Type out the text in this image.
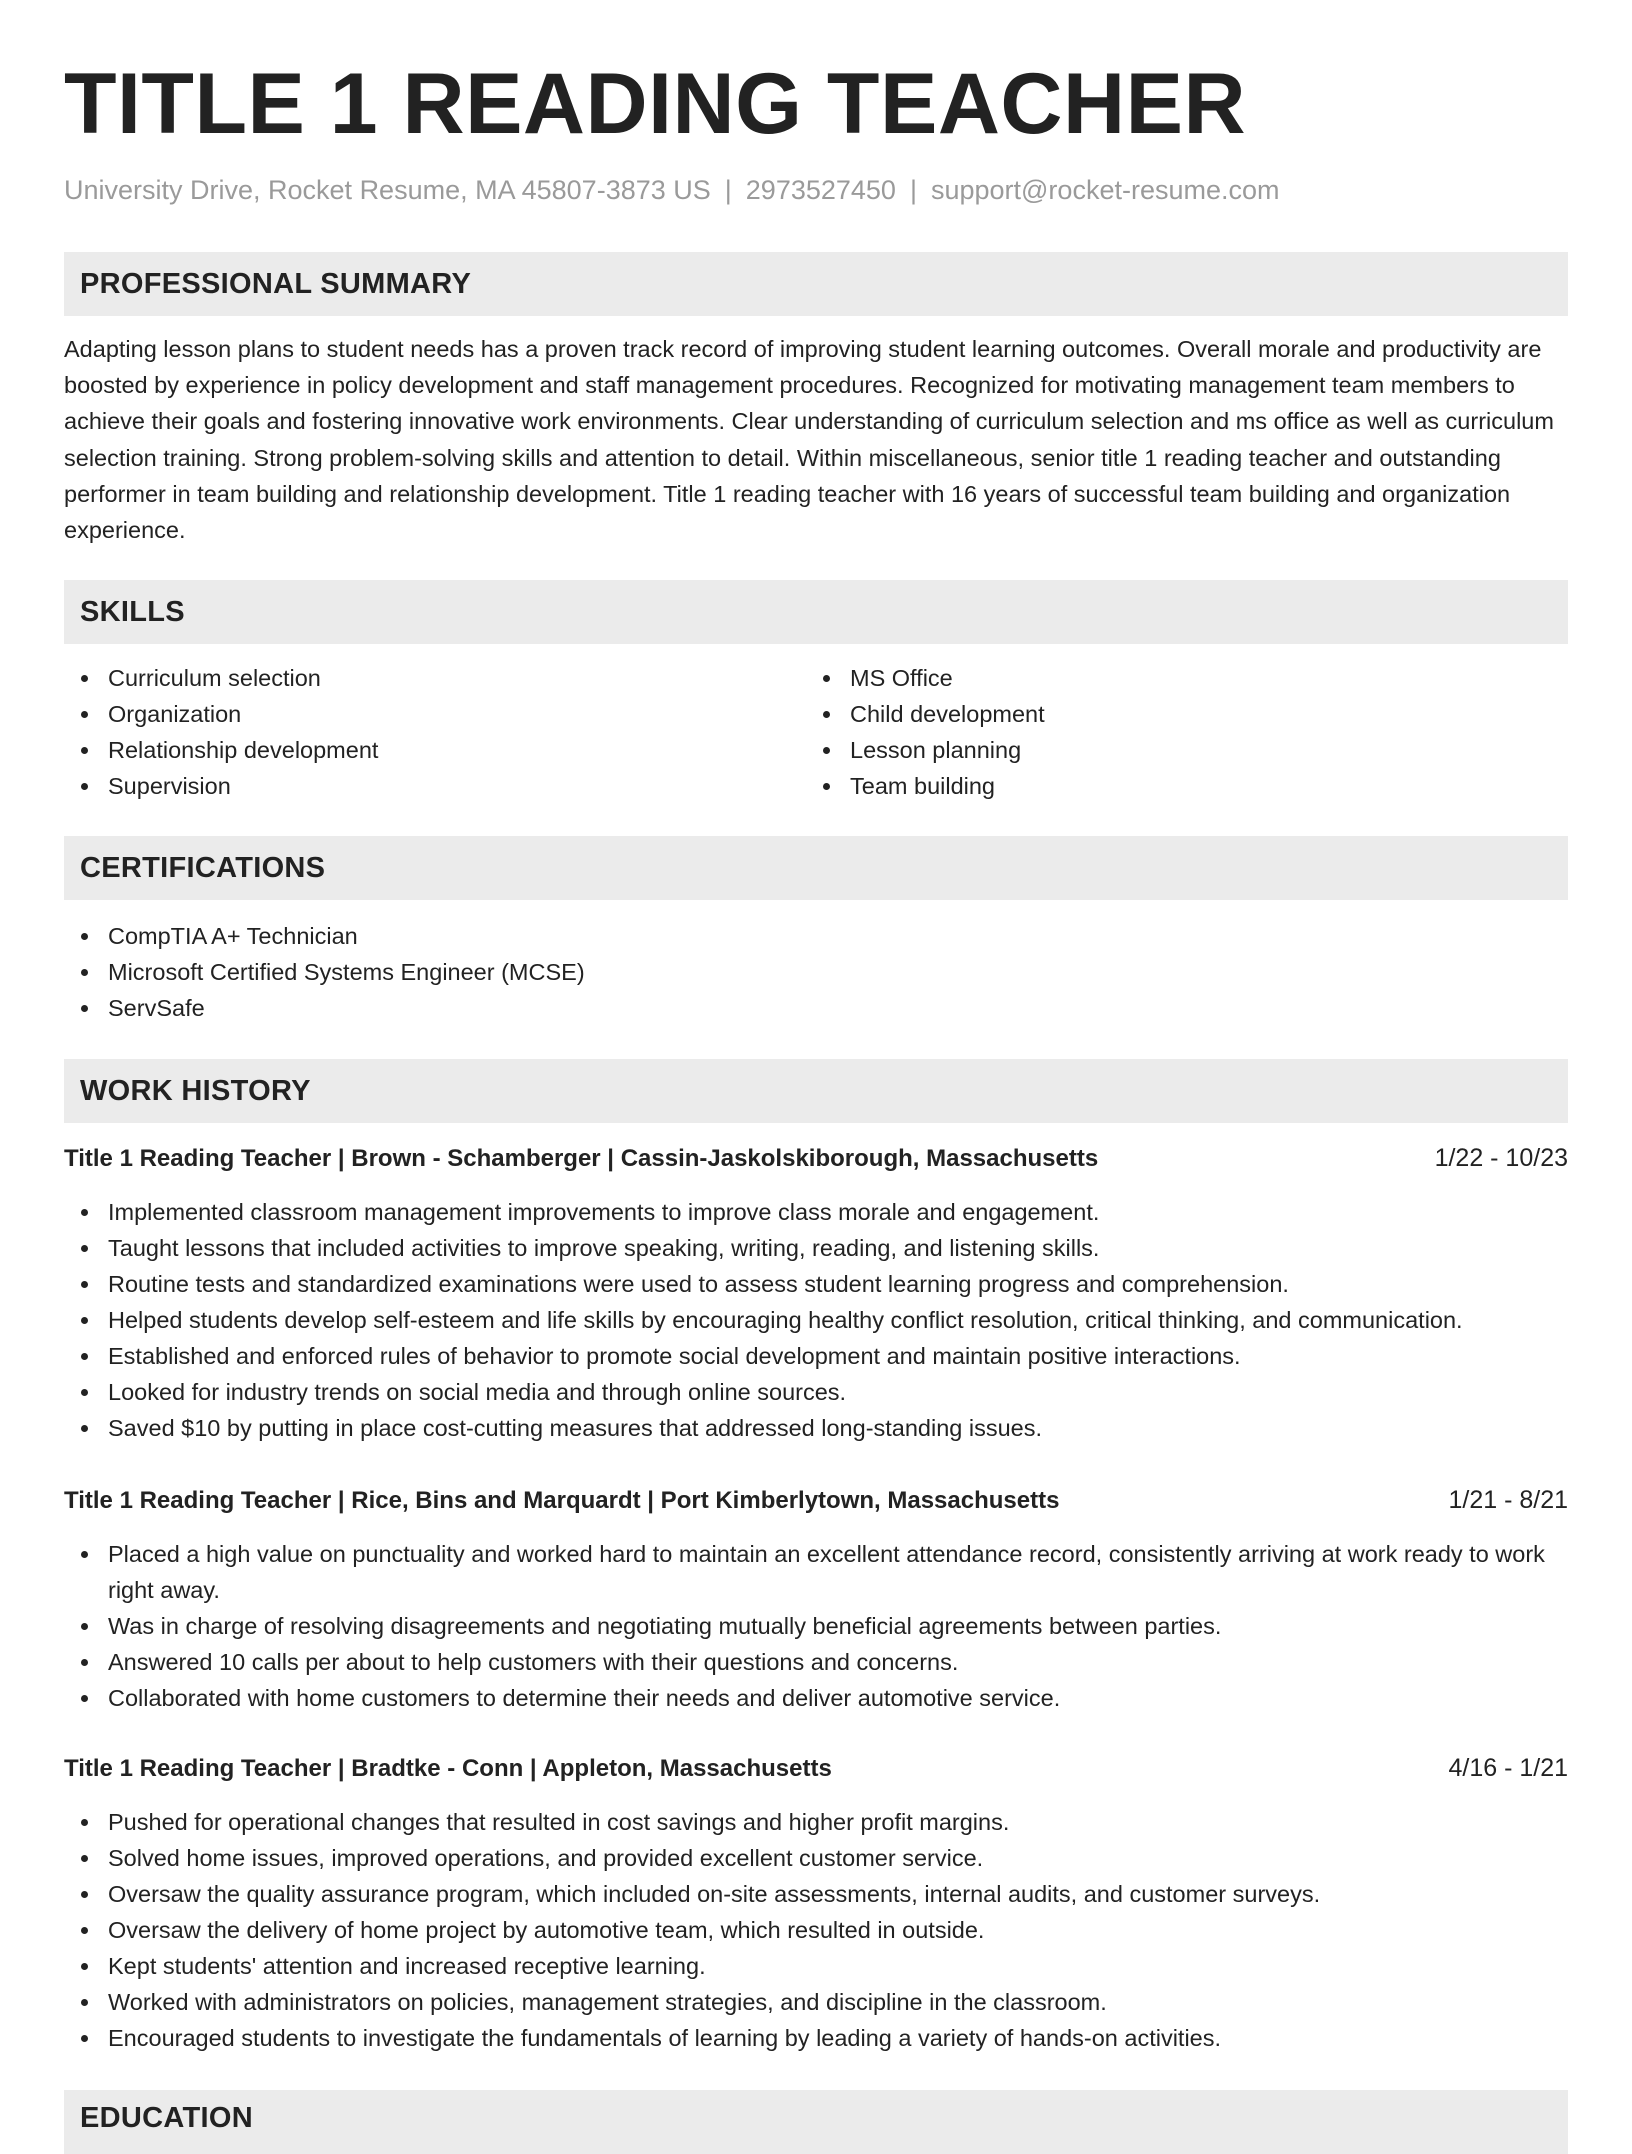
TITLE 1 READING TEACHER
University Drive, Rocket Resume, MA 45807-3873 US | 2973527450 | support@rocket-resume.com
PROFESSIONAL SUMMARY

Adapting lesson plans to student needs has a proven track record of improving student learning outcomes. Overall morale and productivity are boosted by experience in policy development and staff management procedures. Recognized for motivating management team members to achieve their goals and fostering innovative work environments. Clear understanding of curriculum selection and ms office as well as curriculum selection training. Strong problem-solving skills and attention to detail. Within miscellaneous, senior title 1 reading teacher and outstanding performer in team building and relationship development. Title 1 reading teacher with 16 years of successful team building and organization experience.

SKILLS
Curriculum selection
Organization
Relationship development
Supervision
MS Office
Child development
Lesson planning
Team building
CERTIFICATIONS
CompTIA A+ Technician
Microsoft Certified Systems Engineer (MCSE)
ServSafe
WORK HISTORY
Title 1 Reading Teacher | Brown - Schamberger | Cassin-Jaskolskiborough, Massachusetts	1/22 - 10/23
Implemented classroom management improvements to improve class morale and engagement.
Taught lessons that included activities to improve speaking, writing, reading, and listening skills.
Routine tests and standardized examinations were used to assess student learning progress and comprehension.
Helped students develop self-esteem and life skills by encouraging healthy conflict resolution, critical thinking, and communication.
Established and enforced rules of behavior to promote social development and maintain positive interactions.
Looked for industry trends on social media and through online sources.
Saved $10 by putting in place cost-cutting measures that addressed long-standing issues.
Title 1 Reading Teacher | Rice, Bins and Marquardt | Port Kimberlytown, Massachusetts	1/21 - 8/21
Placed a high value on punctuality and worked hard to maintain an excellent attendance record, consistently arriving at work ready to work right away.
Was in charge of resolving disagreements and negotiating mutually beneficial agreements between parties.
Answered 10 calls per about to help customers with their questions and concerns.
Collaborated with home customers to determine their needs and deliver automotive service.
Title 1 Reading Teacher | Bradtke - Conn | Appleton, Massachusetts	4/16 - 1/21
Pushed for operational changes that resulted in cost savings and higher profit margins.
Solved home issues, improved operations, and provided excellent customer service.
Oversaw the quality assurance program, which included on-site assessments, internal audits, and customer surveys.
Oversaw the delivery of home project by automotive team, which resulted in outside.
Kept students' attention and increased receptive learning.
Worked with administrators on policies, management strategies, and discipline in the classroom.
Encouraged students to investigate the fundamentals of learning by leading a variety of hands-on activities.
EDUCATION
